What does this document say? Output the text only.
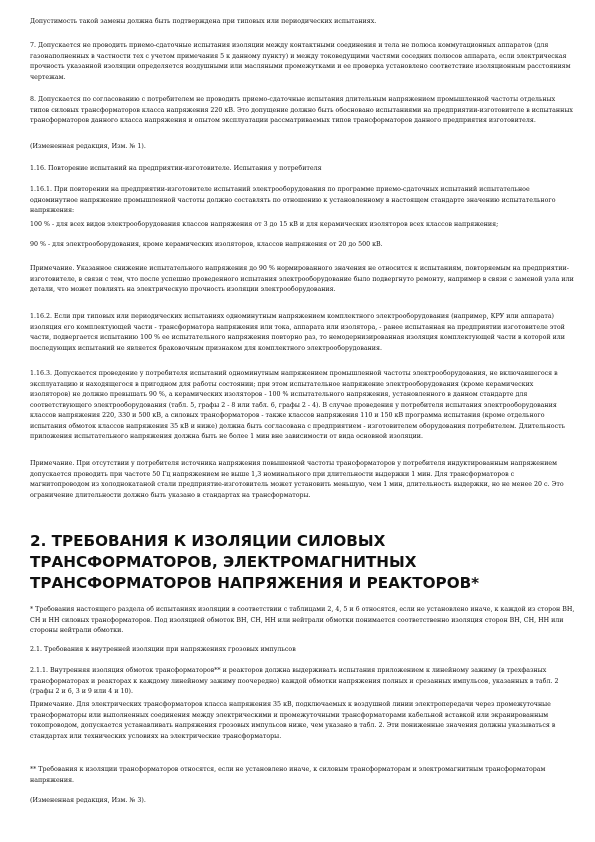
Допустимость такой замены должна быть подтверждена при типовых или периодических испытаниях.
7. Допускается не проводить приемо-сдаточные испытания изоляции между контактными соединения и тела не полюса коммутационных аппаратов (для газонаполненных в частности тех с учетом примечания 5 к данному пункту) и между токоведущими частями соседних полюсов аппарата, если электрическая прочность указанной изоляции определяется воздушными или масляными промежутками и ее проверка установлено соответствие изоляционным расстояниям чертежам.
8. Допускается по согласованию с потребителем не проводить приемо-сдаточные испытания длительным напряжением промышленной частоты отдельных типов силовых трансформаторов класса напряжения 220 кВ. Это допущение должно быть обосновано испытаниями на предприятии-изготовителе в испытанных трансформаторов данного класса напряжения и опытом эксплуатации рассматриваемых типов трансформаторов данного предприятия изготовителя.
(Измененная редакция, Изм. № 1).
1.16. Повторение испытаний на предприятии-изготовителе. Испытания у потребителя
1.16.1. При повторении на предприятии-изготовителе испытаний электрооборудования по программе приемо-сдаточных испытаний испытательное одноминутное напряжение промышленной частоты должно составлять по отношению к установленному в настоящем стандарте значению испытательного напряжения:
100 % - для всех видов электрооборудования классов напряжения от 3 до 15 кВ и для керамических изоляторов всех классов напряжения;
90 % - для электрооборудования, кроме керамических изоляторов, классов напряжения от 20 до 500 кВ.
Примечание. Указанное снижение испытательного напряжения до 90 % нормированного значения не относится к испытаниям, повторяемым на предприятии-изготовителе, в связи с тем, что после успешно проведенного испытания электрооборудование было подвергнуто ремонту, например в связи с заменой узла или детали, что может повлиять на электрическую прочность изоляции электрооборудования.
1.16.2. Если при типовых или периодических испытаниях одноминутным напряжением комплектного электрооборудования (например, КРУ или аппарата) изоляция его комплектующей части - трансформатора напряжения или тока, аппарата или изолятора, - ранее испытанная на предприятии изготовителе этой части, подвергается испытанию 100 % ее испытательного напряжения повторно раз, то немодернизированная изоляция комплектующей части в которой или последующих испытаний не является браковочным признаком для комплектного электрооборудования.
1.16.3. Допускается проведение у потребителя испытаний одноминутным напряжением промышленной частоты электрооборудования, не включавшегося в эксплуатацию и находящегося в пригодном для работы состоянии; при этом испытательное напряжение электрооборудования (кроме керамических изоляторов) не должно превышать 90 %, а керамических изоляторов - 100 % испытательного напряжения, установленного в данном стандарте для соответствующего электрооборудования (табл. 5, графы 2 - 8 или табл. 6, графы 2 - 4). В случае проведения у потребителя испытания электрооборудования классов напряжения 220, 330 и 500 кВ, а силовых трансформаторов - также классов напряжения 110 и 150 кВ программа испытания (кроме отдельного испытания обмоток классов напряжения 35 кВ и ниже) должна быть согласована с предприятием - изготовителем оборудования потребителем. Длительность приложения испытательного напряжения должна быть не более 1 мин вне зависимости от вида основной изоляции.
Примечание. При отсутствии у потребителя источника напряжения повышенной частоты трансформаторов у потребителя индуктированным напряжением допускается проводить при частоте 50 Гц напряжением не выше 1,3 номинального при длительности выдержки 1 мин. Для трансформаторов с магнитопроводом из холоднокатаной стали предприятие-изготовитель может установить меньшую, чем 1 мин, длительность выдержки, но не менее 20 с. Это ограничение длительности должно быть указано в стандартах на трансформаторы.
2. ТРЕБОВАНИЯ К ИЗОЛЯЦИИ СИЛОВЫХ ТРАНСФОРМАТОРОВ, ЭЛЕКТРОМАГНИТНЫХ ТРАНСФОРМАТОРОВ НАПРЯЖЕНИЯ И РЕАКТОРОВ*
* Требования настоящего раздела об испытаниях изоляции в соответствии с таблицами 2, 4, 5 и 6 относятся, если не установлено иначе, к каждой из сторон ВН, СН и НН силовых трансформаторов. Под изоляцией обмоток ВН, СН, НН или нейтрали обмотки понимается соответственно изоляция сторон ВН, СН, НН или стороны нейтрали обмотки.
2.1. Требования к внутренней изоляции при напряжениях грозовых импульсов
2.1.1. Внутренняя изоляция обмоток трансформаторов** и реакторов должна выдерживать испытания приложением к линейному зажиму (в трехфазных трансформаторах и реакторах к каждому линейному зажиму поочередно) каждой обмотки напряжения полных и срезанных импульсов, указанных в табл. 2 (графы 2 и 6, 3 и 9 или 4 и 10).
Примечание. Для электрических трансформаторов класса напряжения 35 кВ, подключаемых к воздушной линии электропередачи через промежуточные трансформаторы или выполненных соединения между электрическими и промежуточными трансформаторами кабельной вставкой или экранированным токопроводом, допускается устанавливать напряжения грозовых импульсов ниже, чем указано в табл. 2. Эти пониженные значения должны указываться в стандартах или технических условиях на электрические трансформаторы.
** Требования к изоляции трансформаторов относятся, если не установлено иначе, к силовым трансформаторам и электромагнитным трансформаторам напряжения.
(Измененная редакция, Изм. № 3).
